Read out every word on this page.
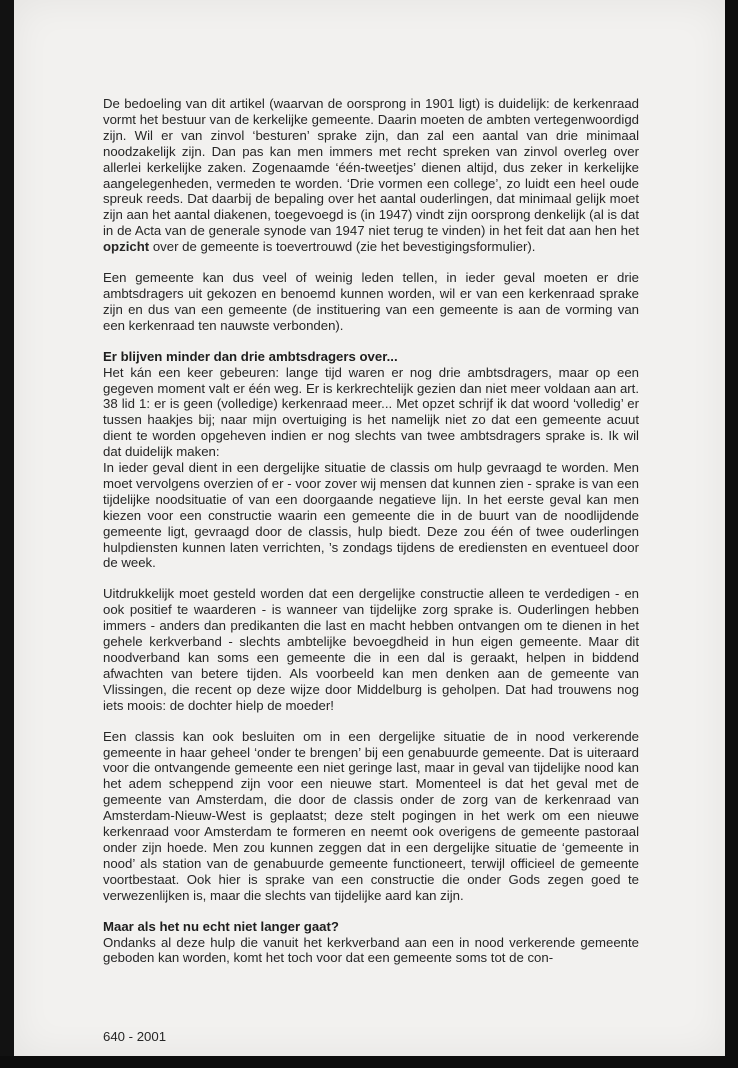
De bedoeling van dit artikel (waarvan de oorsprong in 1901 ligt) is duidelijk: de kerkenraad vormt het bestuur van de kerkelijke gemeente. Daarin moeten de ambten vertegenwoordigd zijn. Wil er van zinvol ‘besturen’ sprake zijn, dan zal een aantal van drie minimaal noodzakelijk zijn. Dan pas kan men immers met recht spreken van zinvol overleg over allerlei kerkelijke zaken. Zogenaamde ‘één-tweetjes’ dienen altijd, dus zeker in kerkelijke aangelegenheden, vermeden te worden. ‘Drie vormen een college’, zo luidt een heel oude spreuk reeds. Dat daarbij de bepaling over het aantal ouderlingen, dat minimaal gelijk moet zijn aan het aantal diakenen, toegevoegd is (in 1947) vindt zijn oorsprong denkelijk (al is dat in de Acta van de generale synode van 1947 niet terug te vinden) in het feit dat aan hen het opzicht over de gemeente is toevertrouwd (zie het bevestigingsformulier).

Een gemeente kan dus veel of weinig leden tellen, in ieder geval moeten er drie ambtsdragers uit gekozen en benoemd kunnen worden, wil er van een kerkenraad sprake zijn en dus van een gemeente (de instituering van een gemeente is aan de vorming van een kerkenraad ten nauwste verbonden).

Er blijven minder dan drie ambtsdragers over...

Het kán een keer gebeuren: lange tijd waren er nog drie ambtsdragers, maar op een gegeven moment valt er één weg. Er is kerkrechtelijk gezien dan niet meer voldaan aan art. 38 lid 1: er is geen (volledige) kerkenraad meer... Met opzet schrijf ik dat woord ‘volledig’ er tussen haakjes bij; naar mijn overtuiging is het namelijk niet zo dat een gemeente acuut dient te worden opgeheven indien er nog slechts van twee ambtsdragers sprake is. Ik wil dat duidelijk maken:

In ieder geval dient in een dergelijke situatie de classis om hulp gevraagd te worden. Men moet vervolgens overzien of er - voor zover wij mensen dat kunnen zien - sprake is van een tijdelijke noodsituatie of van een doorgaande negatieve lijn. In het eerste geval kan men kiezen voor een constructie waarin een gemeente die in de buurt van de noodlijdende gemeente ligt, gevraagd door de classis, hulp biedt. Deze zou één of twee ouderlingen hulpdiensten kunnen laten verrichten, ’s zondags tijdens de erediensten en eventueel door de week.

Uitdrukkelijk moet gesteld worden dat een dergelijke constructie alleen te verdedigen - en ook positief te waarderen - is wanneer van tijdelijke zorg sprake is. Ouderlingen hebben immers - anders dan predikanten die last en macht hebben ontvangen om te dienen in het gehele kerkverband - slechts ambtelijke bevoegdheid in hun eigen gemeente. Maar dit noodverband kan soms een gemeente die in een dal is geraakt, helpen in biddend afwachten van betere tijden. Als voorbeeld kan men denken aan de gemeente van Vlissingen, die recent op deze wijze door Middelburg is geholpen. Dat had trouwens nog iets moois: de dochter hielp de moeder!

Een classis kan ook besluiten om in een dergelijke situatie de in nood verkerende gemeente in haar geheel ‘onder te brengen’ bij een genabuurde gemeente. Dat is uiteraard voor die ontvangende gemeente een niet geringe last, maar in geval van tijdelijke nood kan het adem scheppend zijn voor een nieuwe start. Momenteel is dat het geval met de gemeente van Amsterdam, die door de classis onder de zorg van de kerkenraad van Amsterdam-Nieuw-West is geplaatst; deze stelt pogingen in het werk om een nieuwe kerkenraad voor Amsterdam te formeren en neemt ook overigens de gemeente pastoraal onder zijn hoede. Men zou kunnen zeggen dat in een dergelijke situatie de ‘gemeente in nood’ als station van de genabuurde gemeente functioneert, terwijl officieel de gemeente voortbestaat. Ook hier is sprake van een constructie die onder Gods zegen goed te verwezenlijken is, maar die slechts van tijdelijke aard kan zijn.

Maar als het nu echt niet langer gaat?

Ondanks al deze hulp die vanuit het kerkverband aan een in nood verkerende gemeente geboden kan worden, komt het toch voor dat een gemeente soms tot de con-

640 - 2001
